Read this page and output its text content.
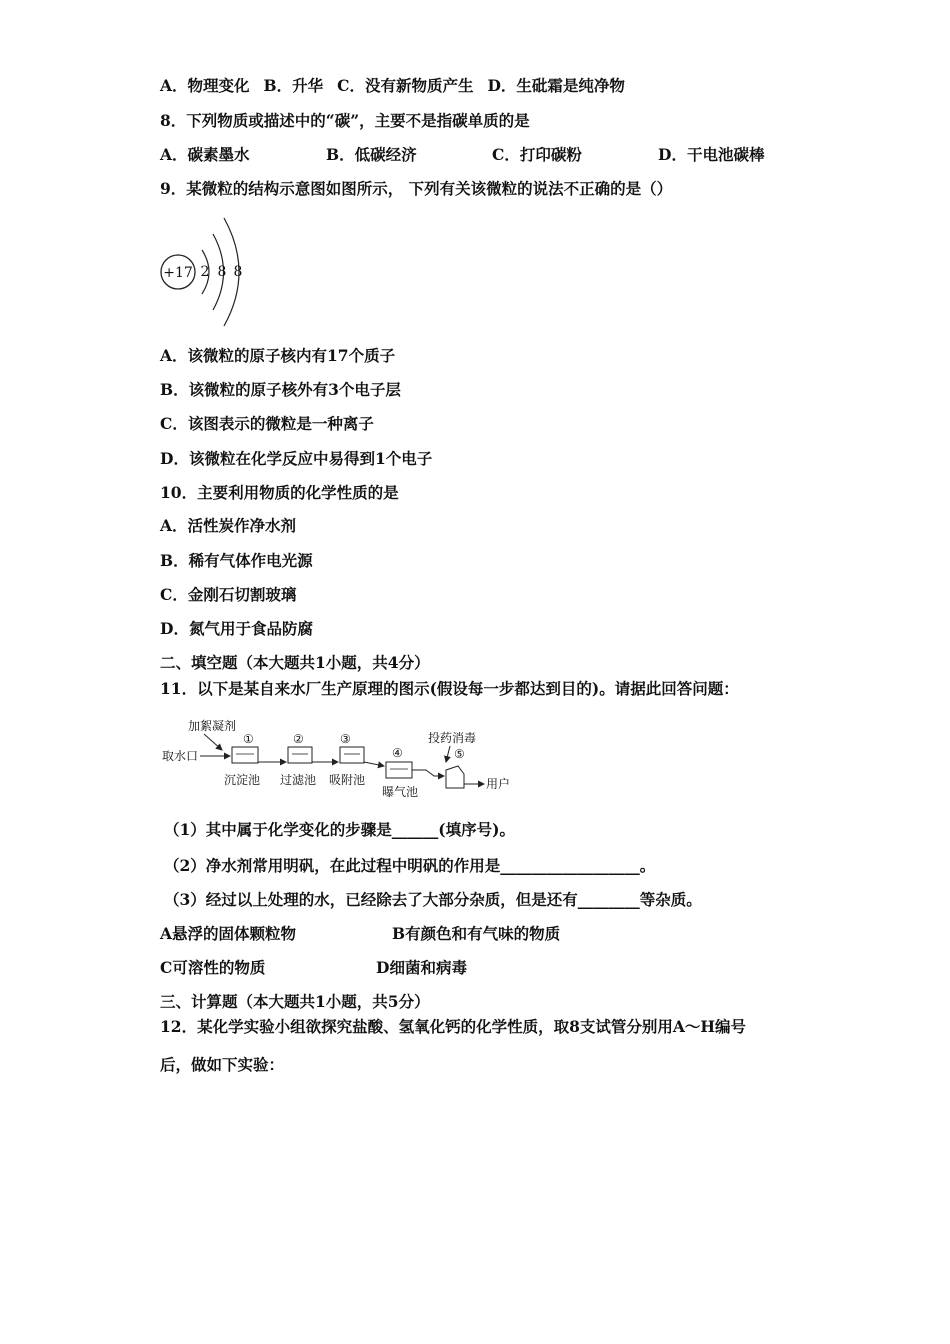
A．物理变化 B．升华 C．没有新物质产生 D．生砒霜是纯净物
8．下列物质或描述中的“碳”，主要不是指碳单质的是
A．碳素墨水	B．低碳经济	C．打印碳粉	D．干电池碳棒
9．某微粒的结构示意图如图所示， 下列有关该微粒的说法不正确的是（）
+17 2 8 8
A．该微粒的原子核内有17个质子
B．该微粒的原子核外有3个电子层
C．该图表示的微粒是一种离子
D．该微粒在化学反应中易得到1个电子
10．主要利用物质的化学性质的是
A．活性炭作净水剂
B．稀有气体作电光源
C．金刚石切割玻璃
D．氮气用于食品防腐
二、填空题（本大题共1小题，共4分）
11．以下是某自来水厂生产原理的图示(假设每一步都达到目的)。请据此回答问题：
加絮凝剂
取水口
①
沉淀池
②
过滤池
③
吸附池
④
曝气池
投药消毒
⑤
用户
（1）其中属于化学变化的步骤是______(填序号)。
（2）净水剂常用明矾，在此过程中明矾的作用是__________________。
（3）经过以上处理的水，已经除去了大部分杂质，但是还有________等杂质。
A悬浮的固体颗粒物	B有颜色和有气味的物质
C可溶性的物质	D细菌和病毒
三、计算题（本大题共1小题，共5分）
12．某化学实验小组欲探究盐酸、氢氧化钙的化学性质，取8支试管分别用A～H编号
后，做如下实验：
